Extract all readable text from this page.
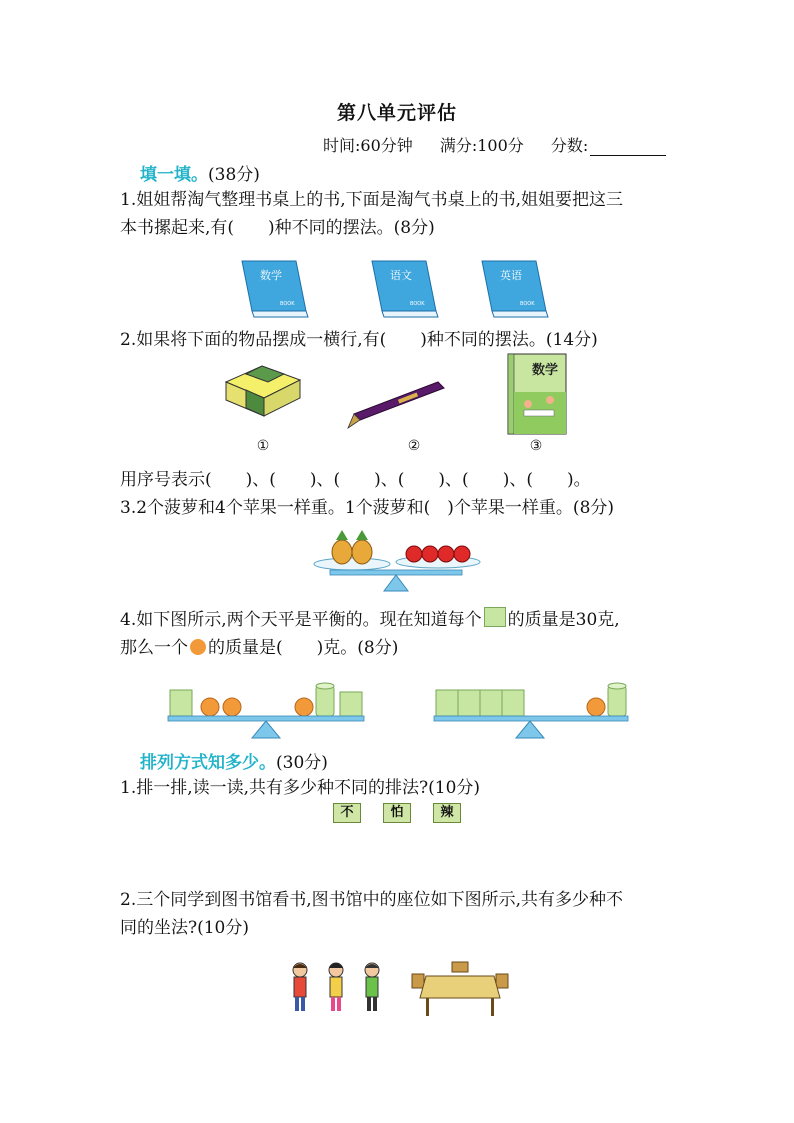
第八单元评估
时间:60分钟 满分:100分 分数:
填一填。(38分)
1.姐姐帮淘气整理书桌上的书,下面是淘气书桌上的书,姐姐要把这三
本书摞起来,有(　　)种不同的摆法。(8分)
数学
BOOK
语文
BOOK
英语
BOOK
2.如果将下面的物品摆成一横行,有(　　)种不同的摆法。(14分)
数学
①	②	③
用序号表示(　　)、(　　)、(　　)、(　　)、(　　)、(　　)。
3.2个菠萝和4个苹果一样重。1个菠萝和(　)个苹果一样重。(8分)
4.如下图所示,两个天平是平衡的。现在知道每个 的质量是30克,
那么一个 的质量是(　　)克。(8分)
排列方式知多少。(30分)
1.排一排,读一读,共有多少种不同的排法?(10分)
不	怕	辣
2.三个同学到图书馆看书,图书馆中的座位如下图所示,共有多少种不
同的坐法?(10分)
